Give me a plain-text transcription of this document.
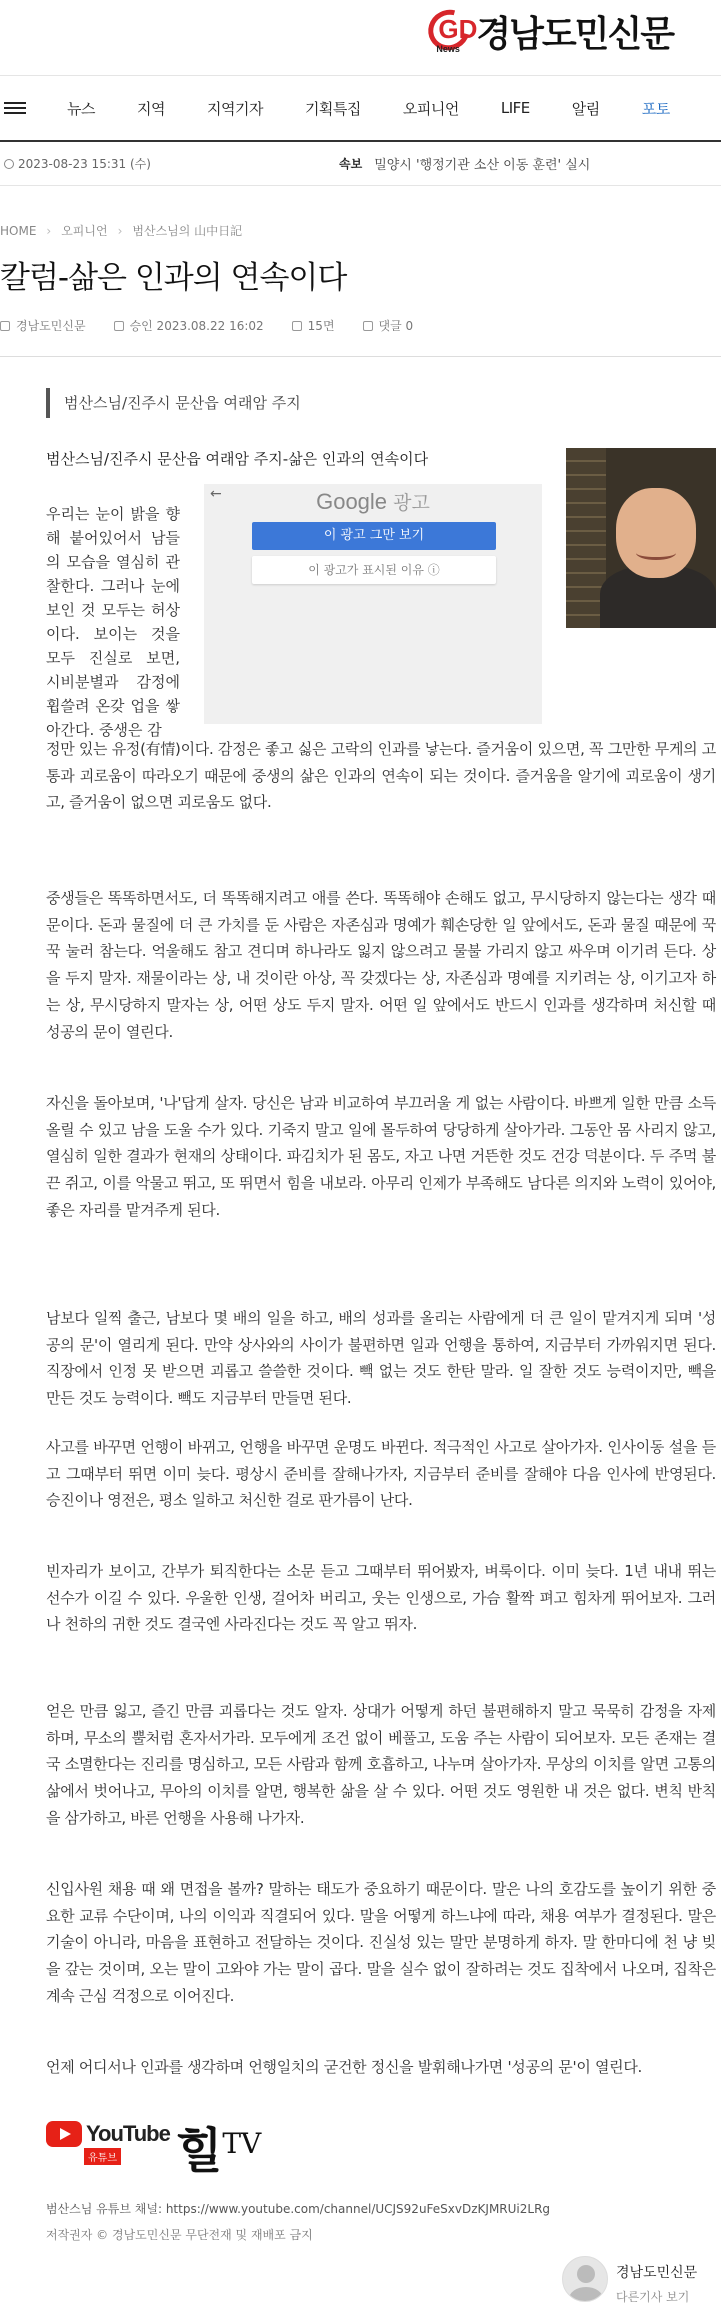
GD
News 경남도민신문
뉴스	지역	지역기자	기획특집	오피니언	LIFE	알림	포토
2023-08-23 15:31 (수)	속보 밀양시 '행정기관 소산 이동 훈련' 실시
HOME › 오피니언 › 범산스님의 山中日記
칼럼-삶은 인과의 연속이다
경남도민신문	승인 2023.08.22 16:02	15면	댓글 0
범산스님/진주시 문산읍 여래암 주지
범산스님/진주시 문산읍 여래암 주지-삶은 인과의 연속이다
우리는 눈이 밝을 향해 붙어있어서 남들의 모습을 열심히 관찰한다. 그러나 눈에 보인 것 모두는 허상이다. 보이는 것을 모두 진실로 보면, 시비분별과 감정에 휩쓸려 온갖 업을 쌓아간다. 중생은 감
←	Google 광고
이 광고 그만 보기
이 광고가 표시된 이유 ⓘ

정만 있는 유정(有情)이다. 감정은 좋고 싫은 고락의 인과를 낳는다. 즐거움이 있으면, 꼭 그만한 무게의 고통과 괴로움이 따라오기 때문에 중생의 삶은 인과의 연속이 되는 것이다. 즐거움을 알기에 괴로움이 생기고, 즐거움이 없으면 괴로움도 없다.

중생들은 똑똑하면서도, 더 똑똑해지려고 애를 쓴다. 똑똑해야 손해도 없고, 무시당하지 않는다는 생각 때문이다. 돈과 물질에 더 큰 가치를 둔 사람은 자존심과 명예가 훼손당한 일 앞에서도, 돈과 물질 때문에 꾹꾹 눌러 참는다. 억울해도 참고 견디며 하나라도 잃지 않으려고 물불 가리지 않고 싸우며 이기려 든다. 상을 두지 말자. 재물이라는 상, 내 것이란 아상, 꼭 갖겠다는 상, 자존심과 명예를 지키려는 상, 이기고자 하는 상, 무시당하지 말자는 상, 어떤 상도 두지 말자. 어떤 일 앞에서도 반드시 인과를 생각하며 처신할 때 성공의 문이 열린다.

자신을 돌아보며, '나'답게 살자. 당신은 남과 비교하여 부끄러울 게 없는 사람이다. 바쁘게 일한 만큼 소득 올릴 수 있고 남을 도울 수가 있다. 기죽지 말고 일에 몰두하여 당당하게 살아가라. 그동안 몸 사리지 않고, 열심히 일한 결과가 현재의 상태이다. 파김치가 된 몸도, 자고 나면 거뜬한 것도 건강 덕분이다. 두 주먹 불끈 쥐고, 이를 악물고 뛰고, 또 뛰면서 힘을 내보라. 아무리 인제가 부족해도 남다른 의지와 노력이 있어야, 좋은 자리를 맡겨주게 된다.

남보다 일찍 출근, 남보다 몇 배의 일을 하고, 배의 성과를 올리는 사람에게 더 큰 일이 맡겨지게 되며 '성공의 문'이 열리게 된다. 만약 상사와의 사이가 불편하면 일과 언행을 통하여, 지금부터 가까워지면 된다. 직장에서 인정 못 받으면 괴롭고 쓸쓸한 것이다. 빽 없는 것도 한탄 말라. 일 잘한 것도 능력이지만, 빽을 만든 것도 능력이다. 빽도 지금부터 만들면 된다.

사고를 바꾸면 언행이 바뀌고, 언행을 바꾸면 운명도 바뀐다. 적극적인 사고로 살아가자. 인사이동 설을 듣고 그때부터 뛰면 이미 늦다. 평상시 준비를 잘해나가자, 지금부터 준비를 잘해야 다음 인사에 반영된다. 승진이나 영전은, 평소 일하고 처신한 걸로 판가름이 난다.

빈자리가 보이고, 간부가 퇴직한다는 소문 듣고 그때부터 뛰어봤자, 벼룩이다. 이미 늦다. 1년 내내 뛰는 선수가 이길 수 있다. 우울한 인생, 걸어차 버리고, 웃는 인생으로, 가슴 활짝 펴고 힘차게 뛰어보자. 그러나 천하의 귀한 것도 결국엔 사라진다는 것도 꼭 알고 뛰자.

얻은 만큼 잃고, 즐긴 만큼 괴롭다는 것도 알자. 상대가 어떻게 하던 불편해하지 말고 묵묵히 감정을 자제하며, 무소의 뿔처럼 혼자서가라. 모두에게 조건 없이 베풀고, 도움 주는 사람이 되어보자. 모든 존재는 결국 소멸한다는 진리를 명심하고, 모든 사람과 함께 호흡하고, 나누며 살아가자. 무상의 이치를 알면 고통의 삶에서 벗어나고, 무아의 이치를 알면, 행복한 삶을 살 수 있다. 어떤 것도 영원한 내 것은 없다. 변칙 반칙을 삼가하고, 바른 언행을 사용해 나가자.

신입사원 채용 때 왜 면접을 볼까? 말하는 태도가 중요하기 때문이다. 말은 나의 호감도를 높이기 위한 중요한 교류 수단이며, 나의 이익과 직결되어 있다. 말을 어떻게 하느냐에 따라, 채용 여부가 결정된다. 말은 기술이 아니라, 마음을 표현하고 전달하는 것이다. 진실성 있는 말만 분명하게 하자. 말 한마디에 천 냥 빚을 갚는 것이며, 오는 말이 고와야 가는 말이 곱다. 말을 실수 없이 잘하려는 것도 집착에서 나오며, 집착은 계속 근심 걱정으로 이어진다.

언제 어디서나 인과를 생각하며 언행일치의 굳건한 정신을 발휘해나가면 '성공의 문'이 열린다.

YouTube
유튜브 힐$^{TV}$
범산스님 유튜브 채널: https://www.youtube.com/channel/UCJS92uFeSxvDzKJMRUi2LRg
저작권자 © 경남도민신문 무단전재 및 재배포 금지
경남도민신문
다른기사 보기
